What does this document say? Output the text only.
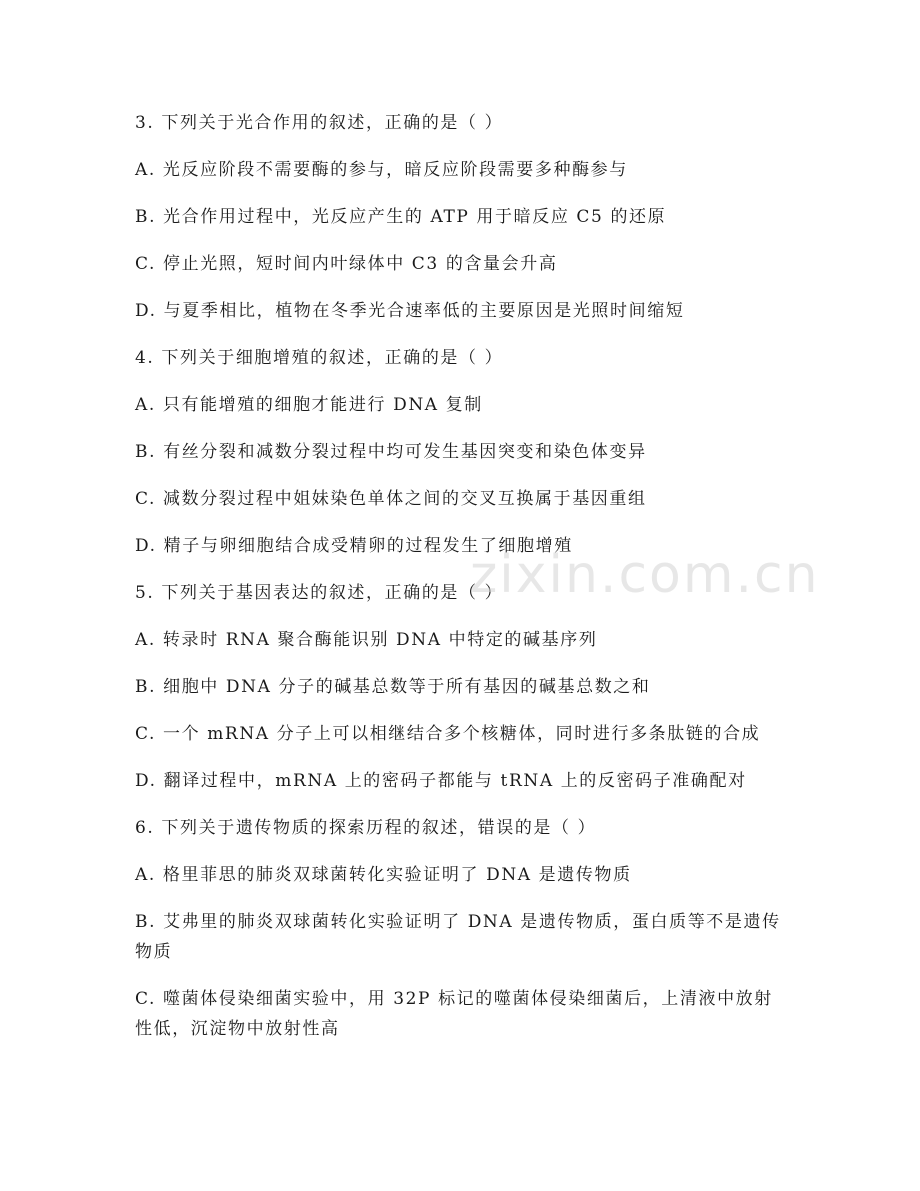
3. 下列关于光合作用的叙述，正确的是（ ）

A. 光反应阶段不需要酶的参与，暗反应阶段需要多种酶参与

B. 光合作用过程中，光反应产生的 ATP 用于暗反应 C5 的还原

C. 停止光照，短时间内叶绿体中 C3 的含量会升高

D. 与夏季相比，植物在冬季光合速率低的主要原因是光照时间缩短

4. 下列关于细胞增殖的叙述，正确的是（ ）

A. 只有能增殖的细胞才能进行 DNA 复制

B. 有丝分裂和减数分裂过程中均可发生基因突变和染色体变异

C. 减数分裂过程中姐妹染色单体之间的交叉互换属于基因重组

D. 精子与卵细胞结合成受精卵的过程发生了细胞增殖

5. 下列关于基因表达的叙述，正确的是（ ）

A. 转录时 RNA 聚合酶能识别 DNA 中特定的碱基序列

B. 细胞中 DNA 分子的碱基总数等于所有基因的碱基总数之和

C. 一个 mRNA 分子上可以相继结合多个核糖体，同时进行多条肽链的合成

D. 翻译过程中，mRNA 上的密码子都能与 tRNA 上的反密码子准确配对

6. 下列关于遗传物质的探索历程的叙述，错误的是（ ）

A. 格里菲思的肺炎双球菌转化实验证明了 DNA 是遗传物质

B. 艾弗里的肺炎双球菌转化实验证明了 DNA 是遗传物质，蛋白质等不是遗传物质

C. 噬菌体侵染细菌实验中，用 32P 标记的噬菌体侵染细菌后，上清液中放射性低，沉淀物中放射性高

zixin.com.cn
